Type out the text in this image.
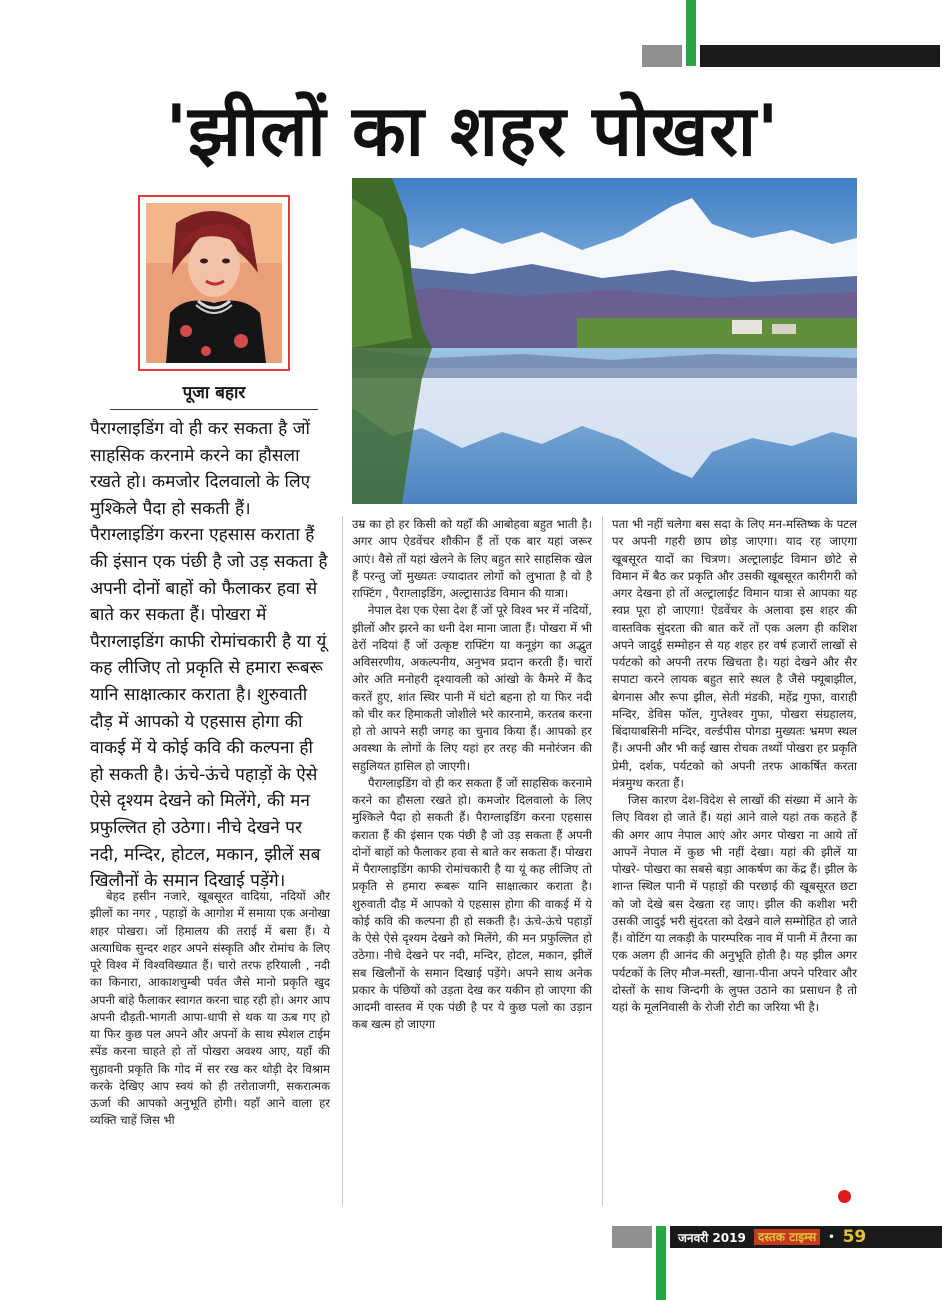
'झीलों का शहर पोखरा'
पूजा बहार

पैराग्लाइडिंग वो ही कर सकता है जों साहसिक करनामे करने का हौसला रखते हो। कमजोर दिलवालो के लिए मुश्किले पैदा हो सकती हैं। पैराग्लाइडिंग करना एहसास कराता हैं की इंसान एक पंछी है जो उड़ सकता है अपनी दोनों बाहों को फैलाकर हवा से बाते कर सकता हैं। पोखरा में पैराग्लाइडिंग काफी रोमांचकारी है या यूं कह लीजिए तो प्रकृति से हमारा रूबरू यानि साक्षात्कार कराता है। शुरुवाती दौड़ में आपको ये एहसास होगा की वाकई में ये कोई कवि की कल्पना ही हो सकती है। ऊंचे-ऊंचे पहाड़ों के ऐसे ऐसे दृश्यम देखने को मिलेंगे, की मन प्रफुल्लित हो उठेगा। नीचे देखने पर नदी, मन्दिर, होटल, मकान, झीलें सब खिलौनों के समान दिखाई पड़ेंगे।

बेहद हसीन नजारे, खूबसूरत वादिया, नदियों और झीलों का नगर , पहाड़ों के आगोश में समाया एक अनोखा शहर पोखरा। जों हिमालय की तराई में बसा हैं। ये अत्याधिक सुन्दर शहर अपने संस्कृति और रोमांच के लिए पूरे विश्व में विश्वविख्यात हैं। चारो तरफ हरियाली , नदी का किनारा, आकाशचुम्बी पर्वत जैसे मानो प्रकृति खुद अपनी बांहे फैलाकर स्वागत करना चाह रही हो। अगर आप अपनी दौड़ती-भागती आपा-धापी से थक या ऊब गए हो या फिर कुछ पल अपने और अपनों के साथ स्पेशल टाईम स्पेंड करना चाहते हो तों पोखरा अवश्य आए, यहाँ की सुहावनी प्रकृति कि गोद में सर रख कर थोड़ी देर विश्राम करके देखिए आप स्वयं को ही तरोताजगी, सकरात्मक ऊर्जा की आपको अनुभूति होगी। यहाँ आने वाला हर व्यक्ति चाहें जिस भी

उम्र का हो हर किसी को यहाँ की आबोहवा बहुत भाती है। अगर आप ऐडवेंचर शौकीन हैं तों एक बार यहां जरूर आएं। वैसे तों यहां खेलने के लिए बहुत सारे साहसिक खेल हैं परन्तु जों मुख्यतः ज्यादातर लोगों को लुभाता है वो है राफ्टिंग , पैराग्लाइडिंग, अल्ट्रासाउंड विमान की यात्रा।

नेपाल देश एक ऐसा देश हैं जों पूरे विश्व भर में नदियों, झीलों और झरने का धनी देश माना जाता हैं। पोखरा में भी ढेरों नदियां हैं जों उत्कृष्ट राफ्टिंग या कनूइंग का अद्भुत अविसरणीय, अकल्पनीय, अनुभव प्रदान करती हैं। चारों ओर अति मनोहरी दृश्यावली को आंखो के कैमरे में कैद करतें हुए, शांत स्थिर पानी में घंटो बहना हो या फिर नदी को चीर कर हिमाकती जोशीले भरे कारनामे, करतब करना हो तो आपने सही जगह का चुनाव किया हैं। आपको हर अवस्था के लोगों के लिए यहां हर तरह की मनोरंजन की सहुलियत हासिल हो जाएगी।

पैराग्लाइडिंग वो ही कर सकता हैं जों साहसिक करनामे करने का हौसला रखते हो। कमजोर दिलवालो के लिए मुश्किले पैदा हो सकती हैं। पैराग्लाइडिंग करना एहसास कराता हैं की इंसान एक पंछी है जो उड़ सकता हैं अपनी दोनों बाहों को फैलाकर हवा से बाते कर सकता हैं। पोखरा में पैराग्लाइडिंग काफी रोमांचकारी है या यूं कह लीजिए तो प्रकृति से हमारा रूबरू यानि साक्षात्कार कराता है। शुरुवाती दौड़ में आपको ये एहसास होगा की वाकई में ये कोई कवि की कल्पना ही हो सकती है। ऊंचे-ऊंचे पहाड़ों के ऐसे ऐसे दृश्यम देखने को मिलेंगे, की मन प्रफुल्लित हो उठेगा। नीचे देखने पर नदी, मन्दिर, होटल, मकान, झीलें सब खिलौनों के समान दिखाई पड़ेंगे। अपने साथ अनेक प्रकार के पंछियों को उड़ता देख कर यकीन हो जाएगा की आदमी वास्तव में एक पंछी है पर ये कुछ पलो का उड़ान कब खत्म हो जाएगा

पता भी नहीं चलेगा बस सदा के लिए मन-मस्तिष्क के पटल पर अपनी गहरी छाप छोड़ जाएगा। याद रह जाएगा खूबसूरत यादों का चित्रण। अल्ट्रालाईट विमान छोटे से विमान में बैठ कर प्रकृति और उसकी खूबसूरत कारीगरी को अगर देखना हो तों अल्ट्रालाईट विमान यात्रा से आपका यह स्वप्न पूरा हो जाएगा! ऐडवेंचर के अलावा इस शहर की वास्तविक सुंदरता की बात करें तों एक अलग ही कशिश अपने जादुई सम्मोहन से यह शहर हर वर्ष हजारों लाखों से पर्यटको को अपनी तरफ खिचता है। यहां देखने और सैर सपाटा करने लायक बहुत सारे स्थल है जैसे फ्यूबाझील, बेगनास और रूपा झील, सेती मंडकी, महेंद्र गुफा, वाराही मन्दिर, डेविस फॉल, गुप्तेश्वर गुफा, पोखरा संग्रहालय, बिंदायाबसिनी मन्दिर, वर्ल्डपीस पोगडा मुख्यतः भ्रमण स्थल हैं। अपनी और भी कई खास रोचक तथ्यों पोखरा हर प्रकृति प्रेमी, दर्शक, पर्यटको को अपनी तरफ आकर्षित करता मंत्रमुग्ध करता हैं।

जिस कारण देश-विदेश से लाखों की संख्या में आने के लिए विवश हो जाते हैं। यहां आने वाले यहां तक कहते हैं की अगर आप नेपाल आएं ओर अगर पोखरा ना आये तों आपनें नेपाल में कुछ भी नहीं देखा। यहां की झीलें या पोखरे- पोखरा का सबसे बड़ा आकर्षण का केंद्र हैं। झील के शान्त स्थिल पानी में पहाड़ों की परछाई की खूबसूरत छटा को जो देखे बस देखता रह जाए। झील की कशीश भरी उसकी जादुई भरी सुंदरता को देखने वाले सम्मोहित हो जाते हैं। वोटिंग या लकड़ी के पारम्परिक नाव में पानी में तैरना का एक अलग ही आनंद की अनुभूति होती है। यह झील अगर पर्यटकों के लिए मौज-मस्ती, खाना-पीना अपने परिवार और दोस्तों के साथ जिन्दगी के लुफ्त उठाने का प्रसाधन है तो यहां के मूलनिवासी के रोजी रोटी का जरिया भी है।

जनवरी 2019	दस्तक टाइम्स	• 59
